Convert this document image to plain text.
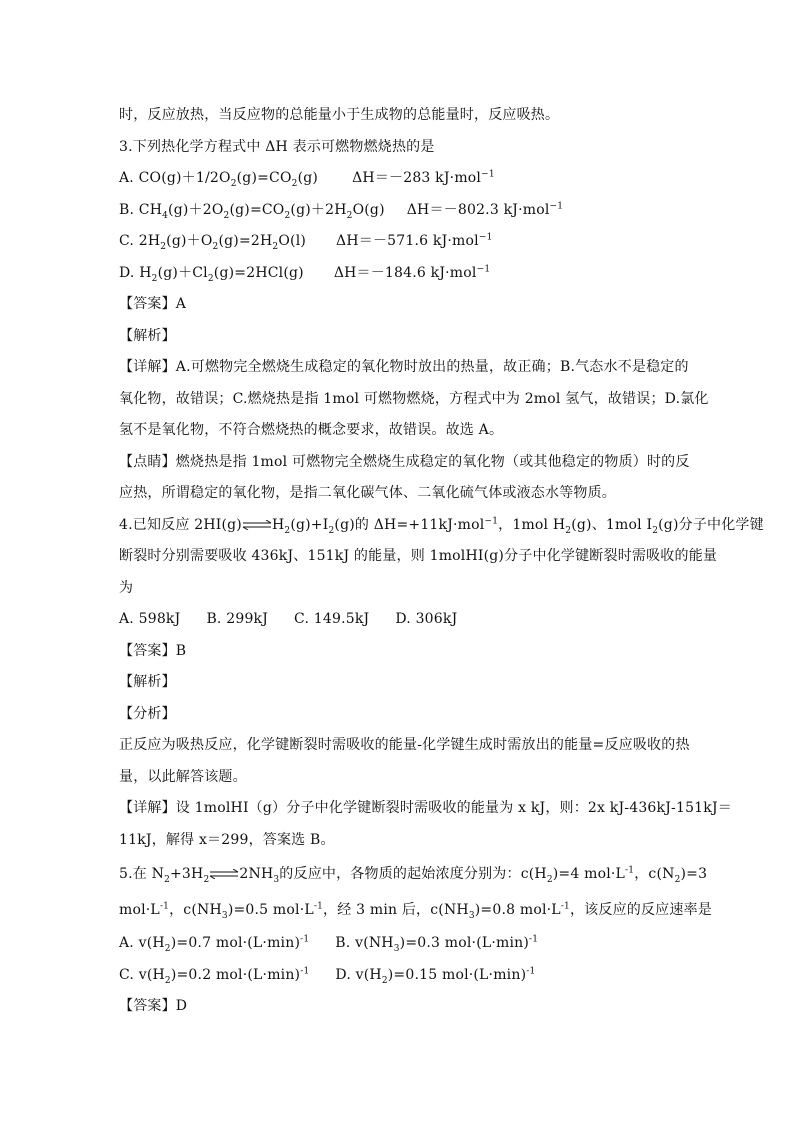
时，反应放热，当反应物的总能量小于生成物的总能量时，反应吸热。
3.下列热化学方程式中 ΔH 表示可燃物燃烧热的是
A. $CO(g)+1/2O_2(g)=CO_2(g)$ ΔH＝－283 kJ·mol$^{-1}$
B. $CH_4(g)+2O_2(g)=CO_2(g)+2H_2O(g)$ ΔH＝－802.3 kJ·mol$^{-1}$
C. $2H_2(g)+O_2(g)=2H_2O(l)$ ΔH＝－571.6 kJ·mol$^{-1}$
D. $H_2(g)+Cl_2(g)=2HCl(g)$ ΔH＝－184.6 kJ·mol$^{-1}$
【答案】A
【解析】
【详解】A.可燃物完全燃烧生成稳定的氧化物时放出的热量，故正确；B.气态水不是稳定的
氧化物，故错误；C.燃烧热是指 1mol 可燃物燃烧，方程式中为 2mol 氢气，故错误；D.氯化
氢不是氧化物，不符合燃烧热的概念要求，故错误。故选 A。
【点睛】燃烧热是指 1mol 可燃物完全燃烧生成稳定的氧化物（或其他稳定的物质）时的反
应热，所谓稳定的氧化物，是指二氧化碳气体、二氧化硫气体或液态水等物质。
4.已知反应 $2HI(g)\rightleftharpoons H_2(g)+I_2(g)$的 ΔH=+11kJ·mol$^{-1}$，1mol $H_2(g)$、1mol $I_2(g)$分子中化学键
断裂时分别需要吸收 436kJ、151kJ 的能量，则 1molHI(g)分子中化学键断裂时需吸收的能量
为
A. 598kJ B. 299kJ C. 149.5kJ D. 306kJ
【答案】B
【解析】
【分析】
正反应为吸热反应，化学键断裂时需吸收的能量-化学键生成时需放出的能量=反应吸收的热
量，以此解答该题。
【详解】设 1molHI（g）分子中化学键断裂时需吸收的能量为 x kJ，则：2x kJ-436kJ-151kJ＝
11kJ，解得 x＝299，答案选 B。
5.在 $N_2+3H_2$ $\rightleftharpoons 2NH_3$的反应中，各物质的起始浓度分别为：$c(H_2)=4$ $mol\cdot L^{-1}$，$c(N_2)=3$
$mol\cdot L^{-1}$，$c(NH_3)=0.5$ $mol\cdot L^{-1}$，经 3 min 后，$c(NH_3)=0.8$ $mol\cdot L^{-1}$，该反应的反应速率是
A. $v(H_2)=0.7$ $mol\cdot(L\cdot\min)^{-1}$ B. $v(NH_3)=0.3$ $mol\cdot(L\cdot\min)^{-1}$
C. $v(H_2)=0.2$ $mol\cdot(L\cdot\min)^{-1}$ D. $v(H_2)=0.15$ $mol\cdot(L\cdot\min)^{-1}$
【答案】D
